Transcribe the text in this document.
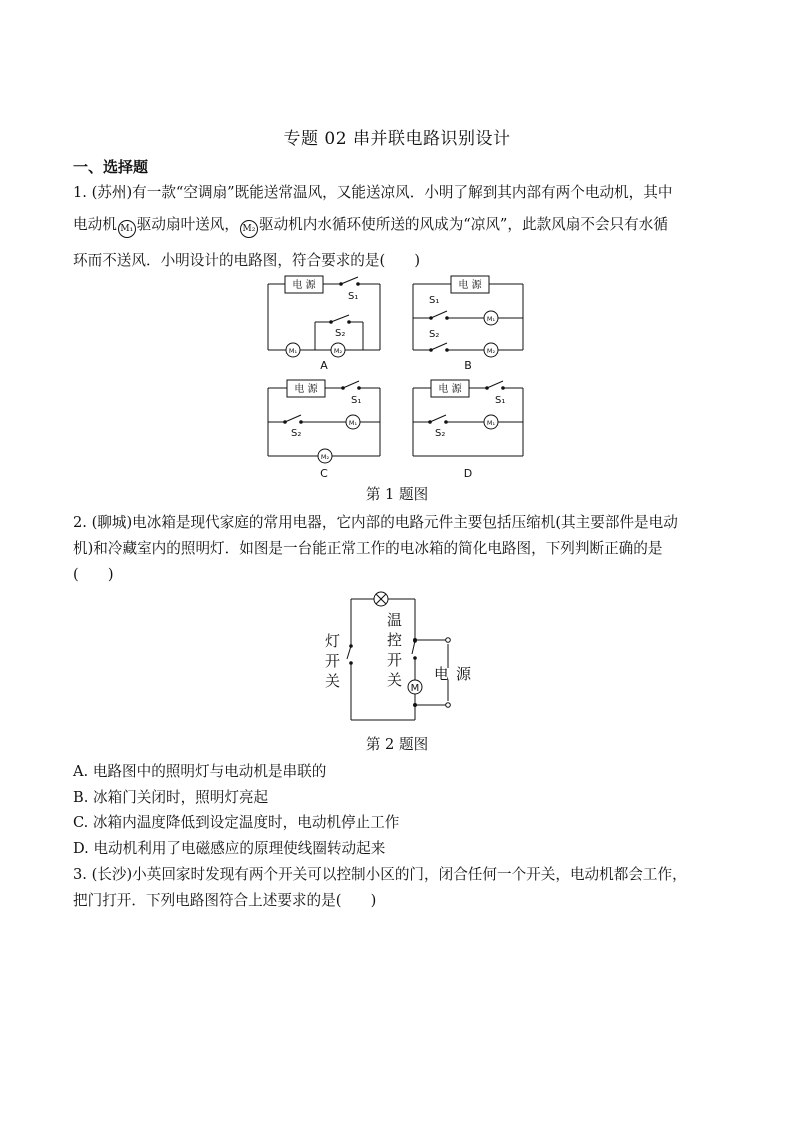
专题 02 串并联电路识别设计
一、选择题
1. (苏州)有一款“空调扇”既能送常温风，又能送凉风．小明了解到其内部有两个电动机，其中
电动机 M₁ 驱动扇叶送风， M₂ 驱动机内水循环使所送的风成为“凉风”，此款风扇不会只有水循
环而不送风．小明设计的电路图，符合要求的是(　　)
电 源
S₁
S₂
M₁	M₂
A
电 源
S₁
S₂
M₁
M₂
B
电 源
S₁
S₂
M₁
M₂
C
电 源
S₁
S₂
M₁
D
第 1 题图
2. (聊城)电冰箱是现代家庭的常用电器，它内部的电路元件主要包括压缩机(其主要部件是电动
机)和冷藏室内的照明灯．如图是一台能正常工作的电冰箱的简化电路图，下列判断正确的是
(　　)
M
灯
开
关
温
控
开
关 电 源
第 2 题图
A. 电路图中的照明灯与电动机是串联的
B. 冰箱门关闭时，照明灯亮起
C. 冰箱内温度降低到设定温度时，电动机停止工作
D. 电动机利用了电磁感应的原理使线圈转动起来
3. (长沙)小英回家时发现有两个开关可以控制小区的门，闭合任何一个开关，电动机都会工作，
把门打开．下列电路图符合上述要求的是(　　)
